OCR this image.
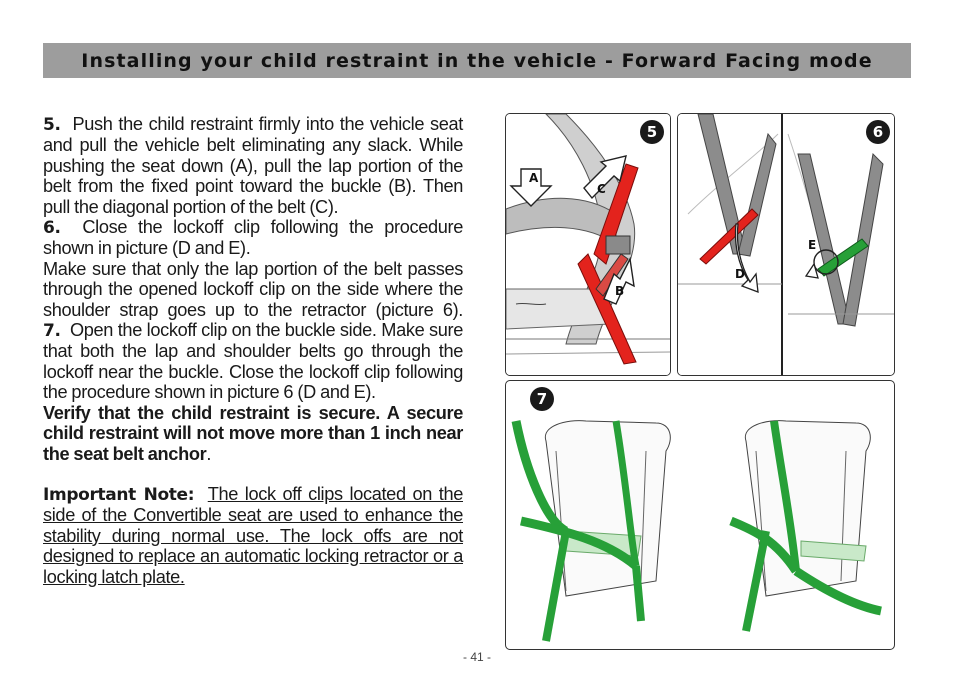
Installing your child restraint in the vehicle - Forward Facing mode

5. Push the child restraint firmly into the vehicle seat and pull the vehicle belt eliminating any slack. While pushing the seat down (A), pull the lap portion of the belt from the fixed point toward the buckle (B). Then pull the diagonal portion of the belt (C).

6. Close the lockoff clip following the procedure shown in picture (D and E).

Make sure that only the lap portion of the belt passes through the opened lockoff clip on the side where the shoulder strap goes up to the retractor (picture 6).

7. Open the lockoff clip on the buckle side. Make sure that both the lap and shoulder belts go through the lockoff near the buckle. Close the lockoff clip following the procedure shown in picture 6 (D and E).

Verify that the child restraint is secure. A secure child restraint will not move more than 1 inch near the seat belt anchor.

Important Note: The lock off clips located on the side of the Convertible seat are used to enhance the stability during normal use. The lock offs are not designed to replace an automatic locking retractor or a locking latch plate.

5
A
C
B
6
D
E
7
- 41 -
